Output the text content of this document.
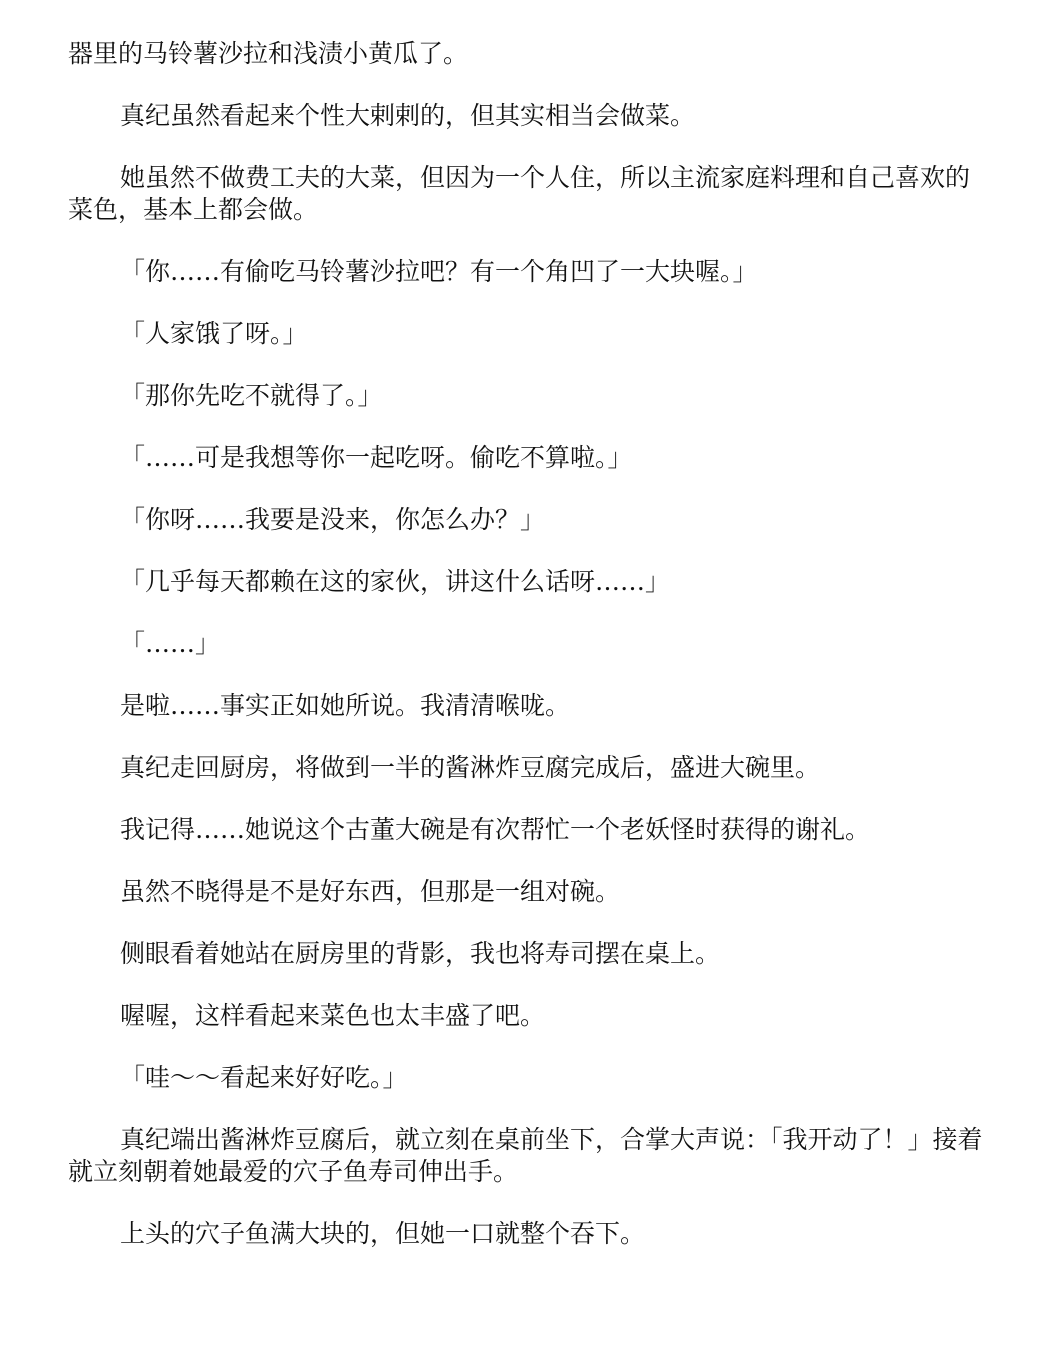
器里的马铃薯沙拉和浅渍小黄瓜了。

真纪虽然看起来个性大剌剌的，但其实相当会做菜。

她虽然不做费工夫的大菜，但因为一个人住，所以主流家庭料理和自己喜欢的菜色，基本上都会做。

「你……有偷吃马铃薯沙拉吧？有一个角凹了一大块喔。」

「人家饿了呀。」

「那你先吃不就得了。」

「……可是我想等你一起吃呀。偷吃不算啦。」

「你呀……我要是没来，你怎么办？」

「几乎每天都赖在这的家伙，讲这什么话呀……」

「……」

是啦……事实正如她所说。我清清喉咙。

真纪走回厨房，将做到一半的酱淋炸豆腐完成后，盛进大碗里。

我记得……她说这个古董大碗是有次帮忙一个老妖怪时获得的谢礼。

虽然不晓得是不是好东西，但那是一组对碗。

侧眼看着她站在厨房里的背影，我也将寿司摆在桌上。

喔喔，这样看起来菜色也太丰盛了吧。

「哇～～看起来好好吃。」

真纪端出酱淋炸豆腐后，就立刻在桌前坐下，合掌大声说：「我开动了！」接着就立刻朝着她最爱的穴子鱼寿司伸出手。

上头的穴子鱼满大块的，但她一口就整个吞下。
